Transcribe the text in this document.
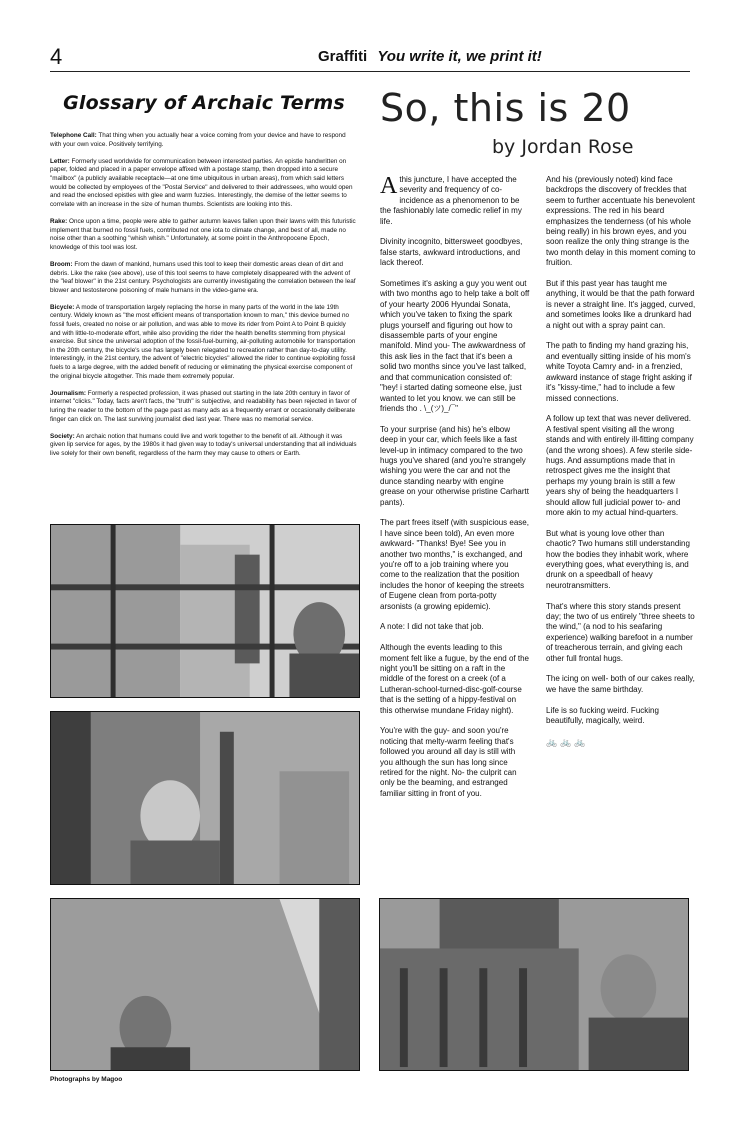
4	Graffiti You write it, we print it!
Glossary of Archaic Terms
Telephone Call: That thing when you actually hear a voice coming from your device and have to respond with your own voice. Positively terrifying.
Letter: Formerly used worldwide for communication between interested parties. An epistle handwritten on paper, folded and placed in a paper envelope affixed with a postage stamp, then dropped into a secure "mailbox" (a publicly available receptacle—at one time ubiquitous in urban areas), from which said letters would be collected by employees of the "Postal Service" and delivered to their addressees, who would open and read the enclosed epistles with glee and warm fuzzies. Interestingly, the demise of the letter seems to correlate with an increase in the size of human thumbs. Scientists are looking into this.
Rake: Once upon a time, people were able to gather autumn leaves fallen upon their lawns with this futuristic implement that burned no fossil fuels, contributed not one iota to climate change, and best of all, made no noise other than a soothing "whish whish." Unfortunately, at some point in the Anthropocene Epoch, knowledge of this tool was lost.
Broom: From the dawn of mankind, humans used this tool to keep their domestic areas clean of dirt and debris. Like the rake (see above), use of this tool seems to have completely disappeared with the advent of the "leaf blower" in the 21st century. Psychologists are currently investigating the correlation between the leaf blower and testosterone poisoning of male humans in the video-game era.
Bicycle: A mode of transportation largely replacing the horse in many parts of the world in the late 19th century. Widely known as "the most efficient means of transportation known to man," this device burned no fossil fuels, created no noise or air pollution, and was able to move its rider from Point A to Point B quickly and with little-to-moderate effort, while also providing the rider the health benefits stemming from physical exercise. But since the universal adoption of the fossil-fuel-burning, air-polluting automobile for transportation in the 20th century, the bicycle's use has largely been relegated to recreation rather than day-to-day utility. Interestingly, in the 21st century, the advent of "electric bicycles" allowed the rider to continue exploiting fossil fuels to a large degree, with the added benefit of reducing or eliminating the physical exercise component of the original bicycle altogether. This made them extremely popular.
Journalism: Formerly a respected profession, it was phased out starting in the late 20th century in favor of internet "clicks." Today, facts aren't facts, the "truth" is subjective, and readability has been rejected in favor of luring the reader to the bottom of the page past as many ads as a frequently errant or occasionally deliberate finger can click on. The last surviving journalist died last year. There was no memorial service.
Society: An archaic notion that humans could live and work together to the benefit of all. Although it was given lip service for ages, by the 1980s it had given way to today's universal understanding that all individuals live solely for their own benefit, regardless of the harm they may cause to others or Earth.
So, this is 20
by Jordan Rose

A this juncture, I have accepted the severity and frequency of co-incidence as a phenomenon to be the fashionably late comedic relief in my life.

Divinity incognito, bittersweet goodbyes, false starts, awkward introductions, and lack thereof.

Sometimes it's asking a guy you went out with two months ago to help take a bolt off of your hearty 2006 Hyundai Sonata, which you've taken to fixing the spark plugs yourself and figuring out how to disassemble parts of your engine manifold. Mind you- The awkwardness of this ask lies in the fact that it's been a solid two months since you've last talked, and that communication consisted of: "hey! i started dating someone else, just wanted to let you know. we can still be friends tho . \_(ツ)_/¯"

To your surprise (and his) he's elbow deep in your car, which feels like a fast level-up in intimacy compared to the two hugs you've shared (and you're strangely wishing you were the car and not the dunce standing nearby with engine grease on your otherwise pristine Carhartt pants).

The part frees itself (with suspicious ease, I have since been told), An even more awkward- "Thanks! Bye! See you in another two months," is exchanged, and you're off to a job training where you come to the realization that the position includes the honor of keeping the streets of Eugene clean from porta-potty arsonists (a growing epidemic).

A note: I did not take that job.

Although the events leading to this moment felt like a fugue, by the end of the night you'll be sitting on a raft in the middle of the forest on a creek (of a Lutheran-school-turned-disc-golf-course that is the setting of a hippy-festival on this otherwise mundane Friday night).

You're with the guy- and soon you're noticing that melty-warm feeling that's followed you around all day is still with you although the sun has long since retired for the night. No- the culprit can only be the beaming, and estranged familiar sitting in front of you.

And his (previously noted) kind face backdrops the discovery of freckles that seem to further accentuate his benevolent expressions. The red in his beard emphasizes the tenderness (of his whole being really) in his brown eyes, and you soon realize the only thing strange is the two month delay in this moment coming to fruition.

But if this past year has taught me anything, it would be that the path forward is never a straight line. It's jagged, curved, and sometimes looks like a drunkard had a night out with a spray paint can.

The path to finding my hand grazing his, and eventually sitting inside of his mom's white Toyota Camry and- in a frenzied, awkward instance of stage fright asking if it's "kissy-time," had to include a few missed connections.

A follow up text that was never delivered. A festival spent visiting all the wrong stands and with entirely ill-fitting company (and the wrong shoes). A few sterile side-hugs. And assumptions made that in retrospect gives me the insight that perhaps my young brain is still a few years shy of being the headquarters I should allow full judicial power to- and more akin to my actual hind-quarters.

But what is young love other than chaotic? Two humans still understanding how the bodies they inhabit work, where everything goes, what everything is, and drunk on a speedball of heavy neurotransmitters.

That's where this story stands present day; the two of us entirely "three sheets to the wind," (a nod to his seafaring experience) walking barefoot in a number of treacherous terrain, and giving each other full frontal hugs.

The icing on well- both of our cakes really, we have the same birthday.

Life is so fucking weird. Fucking beautifully, magically, weird.

🚲🚲🚲
Photographs by Magoo
